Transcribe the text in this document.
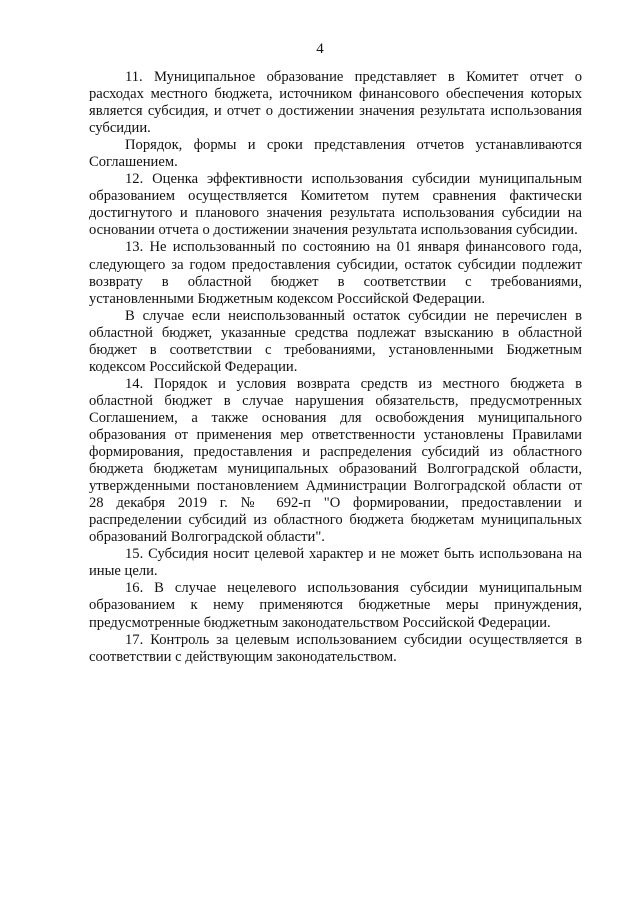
4

11. Муниципальное образование представляет в Комитет отчет о расходах местного бюджета, источником финансового обеспечения которых является субсидия, и отчет о достижении значения результата использования субсидии.

Порядок, формы и сроки представления отчетов устанавливаются Соглашением.

12. Оценка эффективности использования субсидии муниципальным образованием осуществляется Комитетом путем сравнения фактически достигнутого и планового значения результата использования субсидии на основании отчета о достижении значения результата использования субсидии.

13. Не использованный по состоянию на 01 января финансового года, следующего за годом предоставления субсидии, остаток субсидии подлежит возврату в областной бюджет в соответствии с требованиями, установленными Бюджетным кодексом Российской Федерации.

В случае если неиспользованный остаток субсидии не перечислен в областной бюджет, указанные средства подлежат взысканию в областной бюджет в соответствии с требованиями, установленными Бюджетным кодексом Российской Федерации.

14. Порядок и условия возврата средств из местного бюджета в областной бюджет в случае нарушения обязательств, предусмотренных Соглашением, а также основания для освобождения муниципального образования от применения мер ответственности установлены Правилами формирования, предоставления и распределения субсидий из областного бюджета бюджетам муниципальных образований Волгоградской области, утвержденными постановлением Администрации Волгоградской области от 28 декабря 2019 г. № 692-п "О формировании, предоставлении и распределении субсидий из областного бюджета бюджетам муниципальных образований Волгоградской области".

15. Субсидия носит целевой характер и не может быть использована на иные цели.

16. В случае нецелевого использования субсидии муниципальным образованием к нему применяются бюджетные меры принуждения, предусмотренные бюджетным законодательством Российской Федерации.

17. Контроль за целевым использованием субсидии осуществляется в соответствии с действующим законодательством.
